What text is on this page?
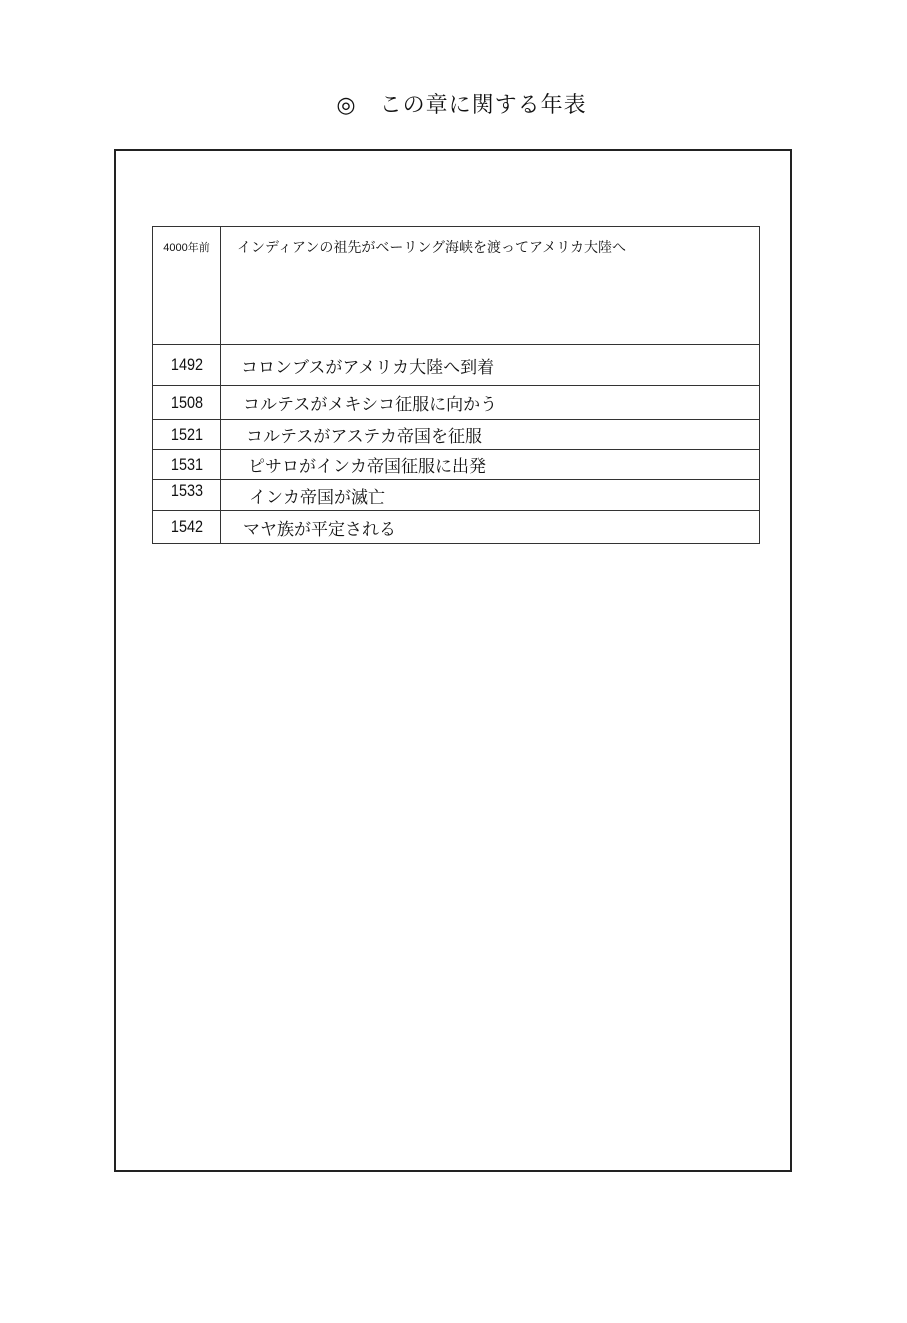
◎　この章に関する年表
4000年前	インディアンの祖先がベーリング海峡を渡ってアメリカ大陸へ
1492	コロンブスがアメリカ大陸へ到着
1508	コルテスがメキシコ征服に向かう
1521	コルテスがアステカ帝国を征服
1531	ピサロがインカ帝国征服に出発
1533	インカ帝国が滅亡
1542	マヤ族が平定される
